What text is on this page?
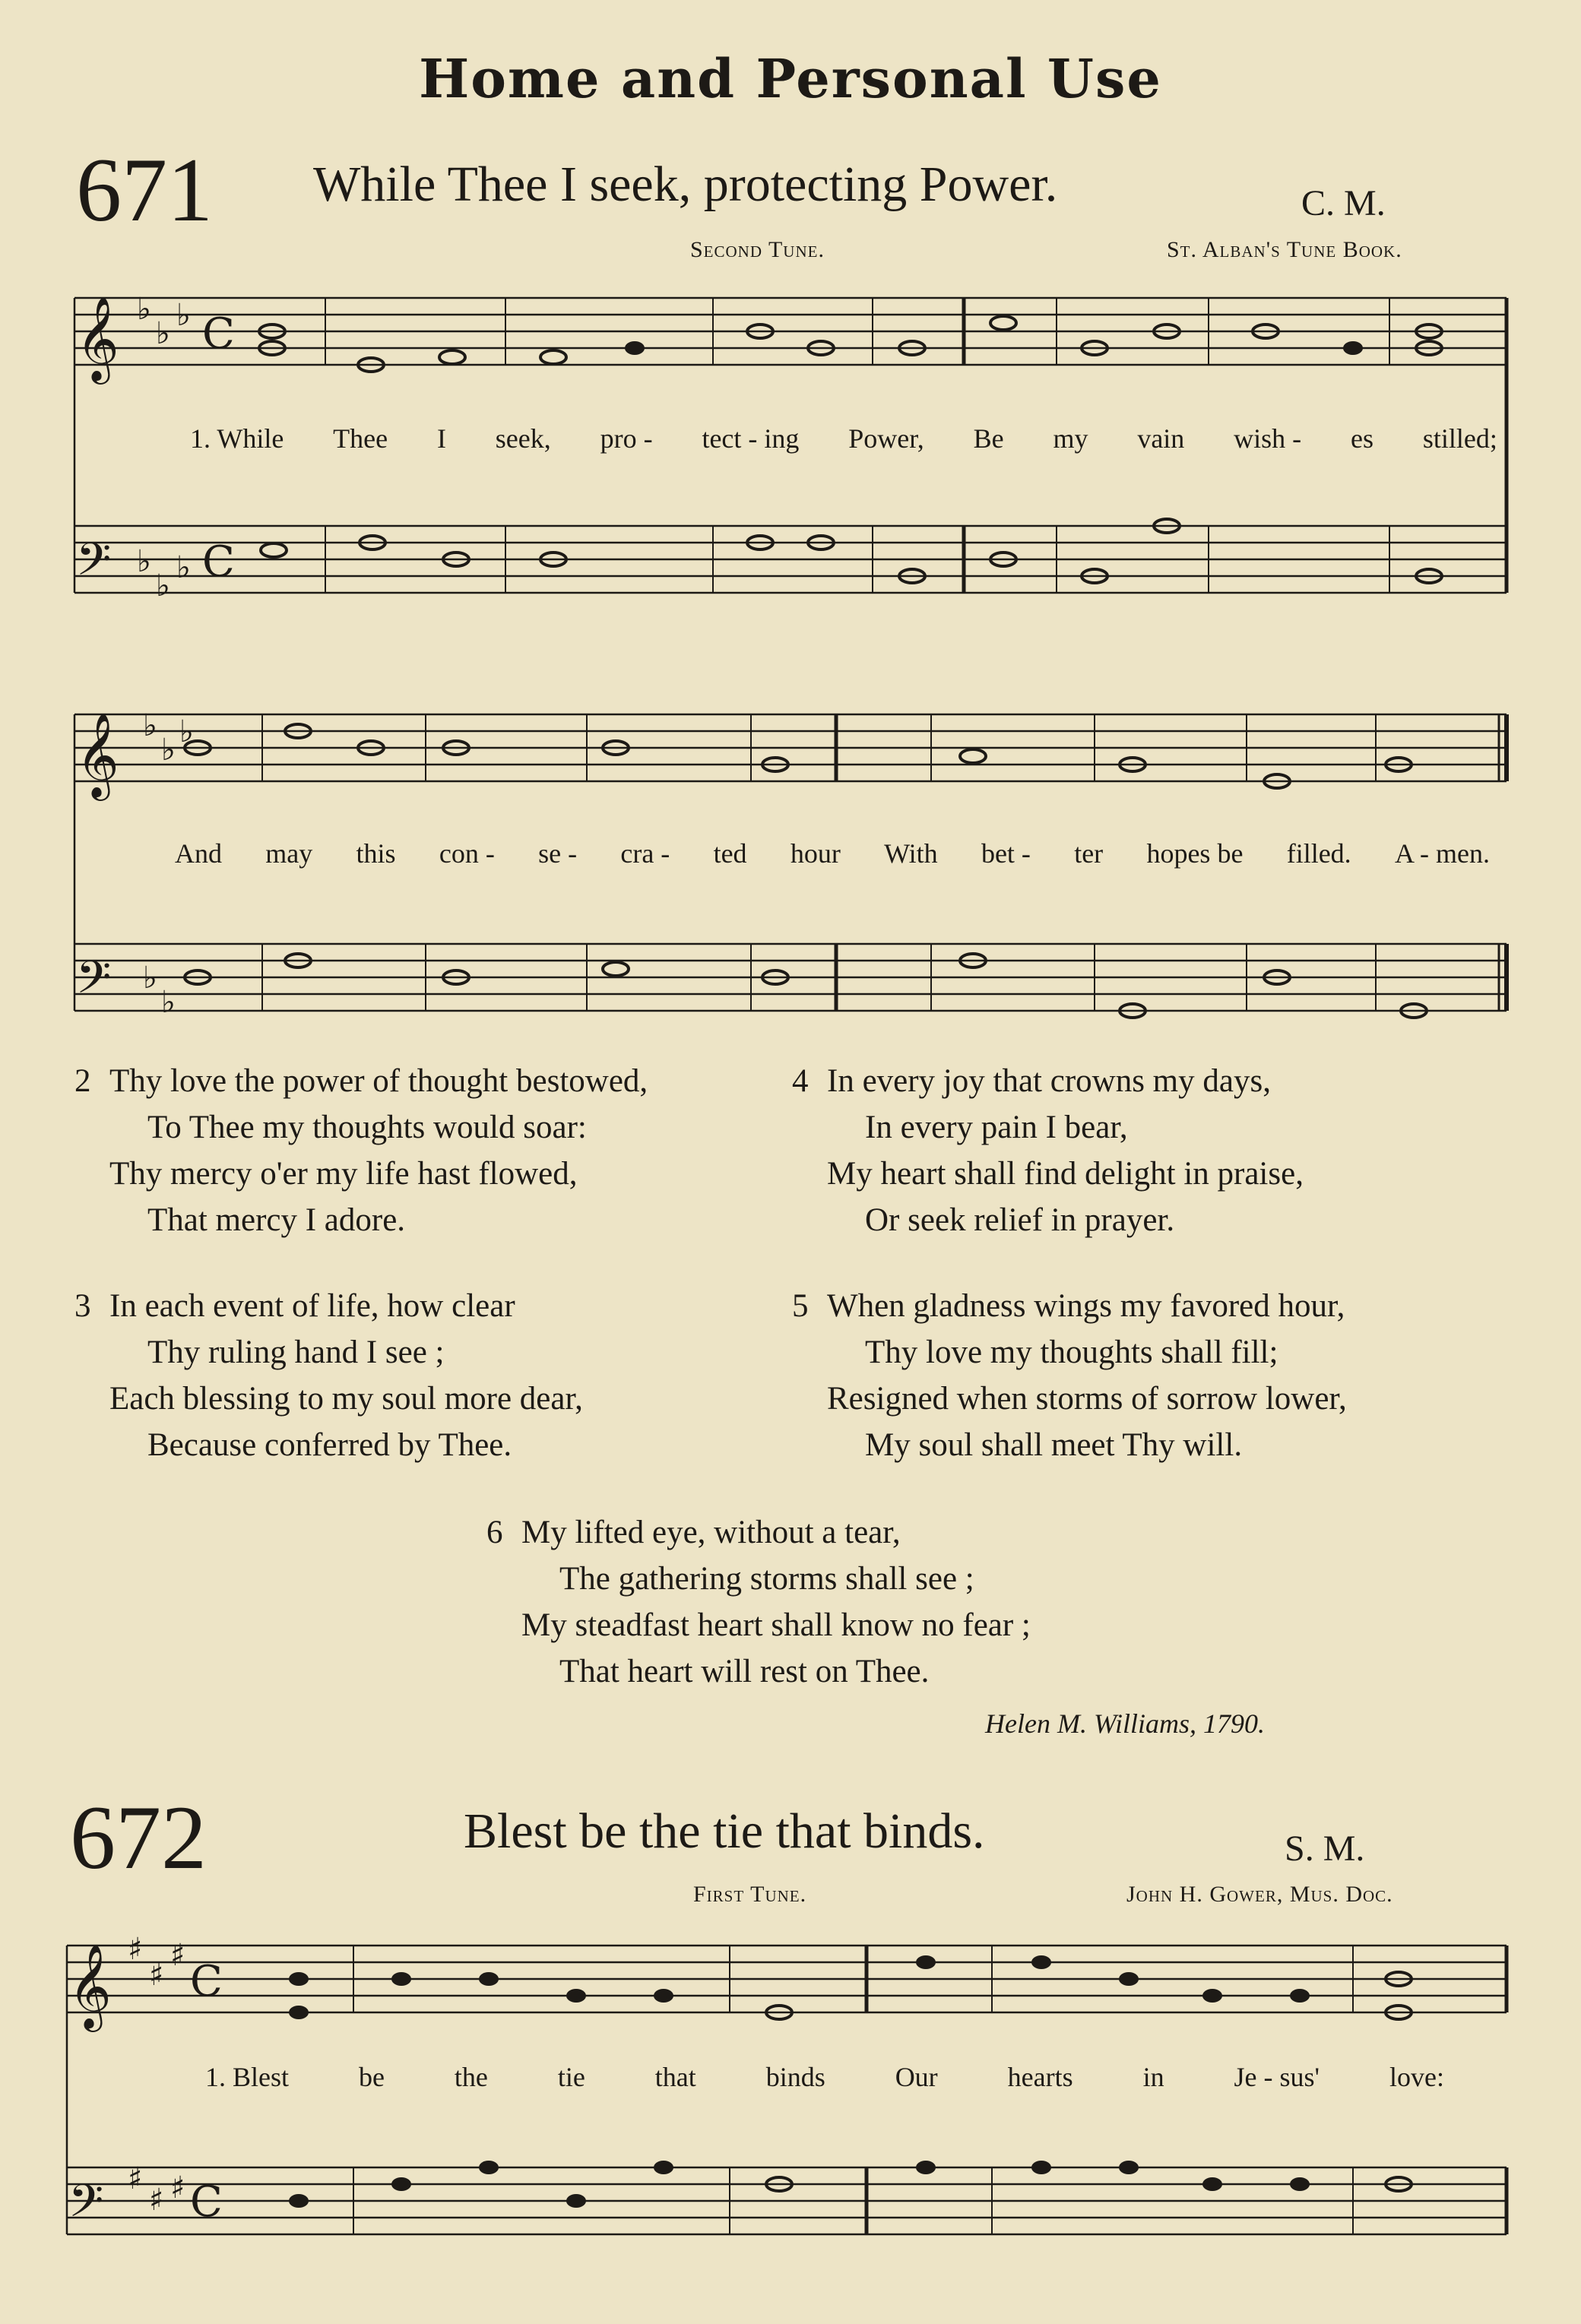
Home and Personal Use
671 While Thee I seek, protecting Power.	C. M.
Second Tune.	St. Alban's Tune Book.
𝄞
𝄢
𝄞
𝄢
𝄞
𝄢
♭
♭
♭
♭
♭
♭
♭
♭
♭
♭
♭
♯
♯
♯
♯
♯ ♯
C
C
C
C
1. While Thee I seek, pro - tect - ing Power, Be my vain wish - es stilled;
And may this con - se - cra - ted hour With bet - ter hopes be filled. A - men.
2 Thy love the power of thought bestowed,
To Thee my thoughts would soar:
Thy mercy o'er my life hast flowed,
That mercy I adore.
3 In each event of life, how clear
Thy ruling hand I see ;
Each blessing to my soul more dear,
Because conferred by Thee.
4 In every joy that crowns my days,
In every pain I bear,
My heart shall find delight in praise,
Or seek relief in prayer.
5 When gladness wings my favored hour,
Thy love my thoughts shall fill;
Resigned when storms of sorrow lower,
My soul shall meet Thy will.
6 My lifted eye, without a tear,
The gathering storms shall see ;
My steadfast heart shall know no fear ;
That heart will rest on Thee.
Helen M. Williams, 1790.
672	Blest be the tie that binds.	S. M.
First Tune.	John H. Gower, Mus. Doc.
1. Blest	be	the	tie	that	binds	Our	hearts	in	Je - sus'	love:
